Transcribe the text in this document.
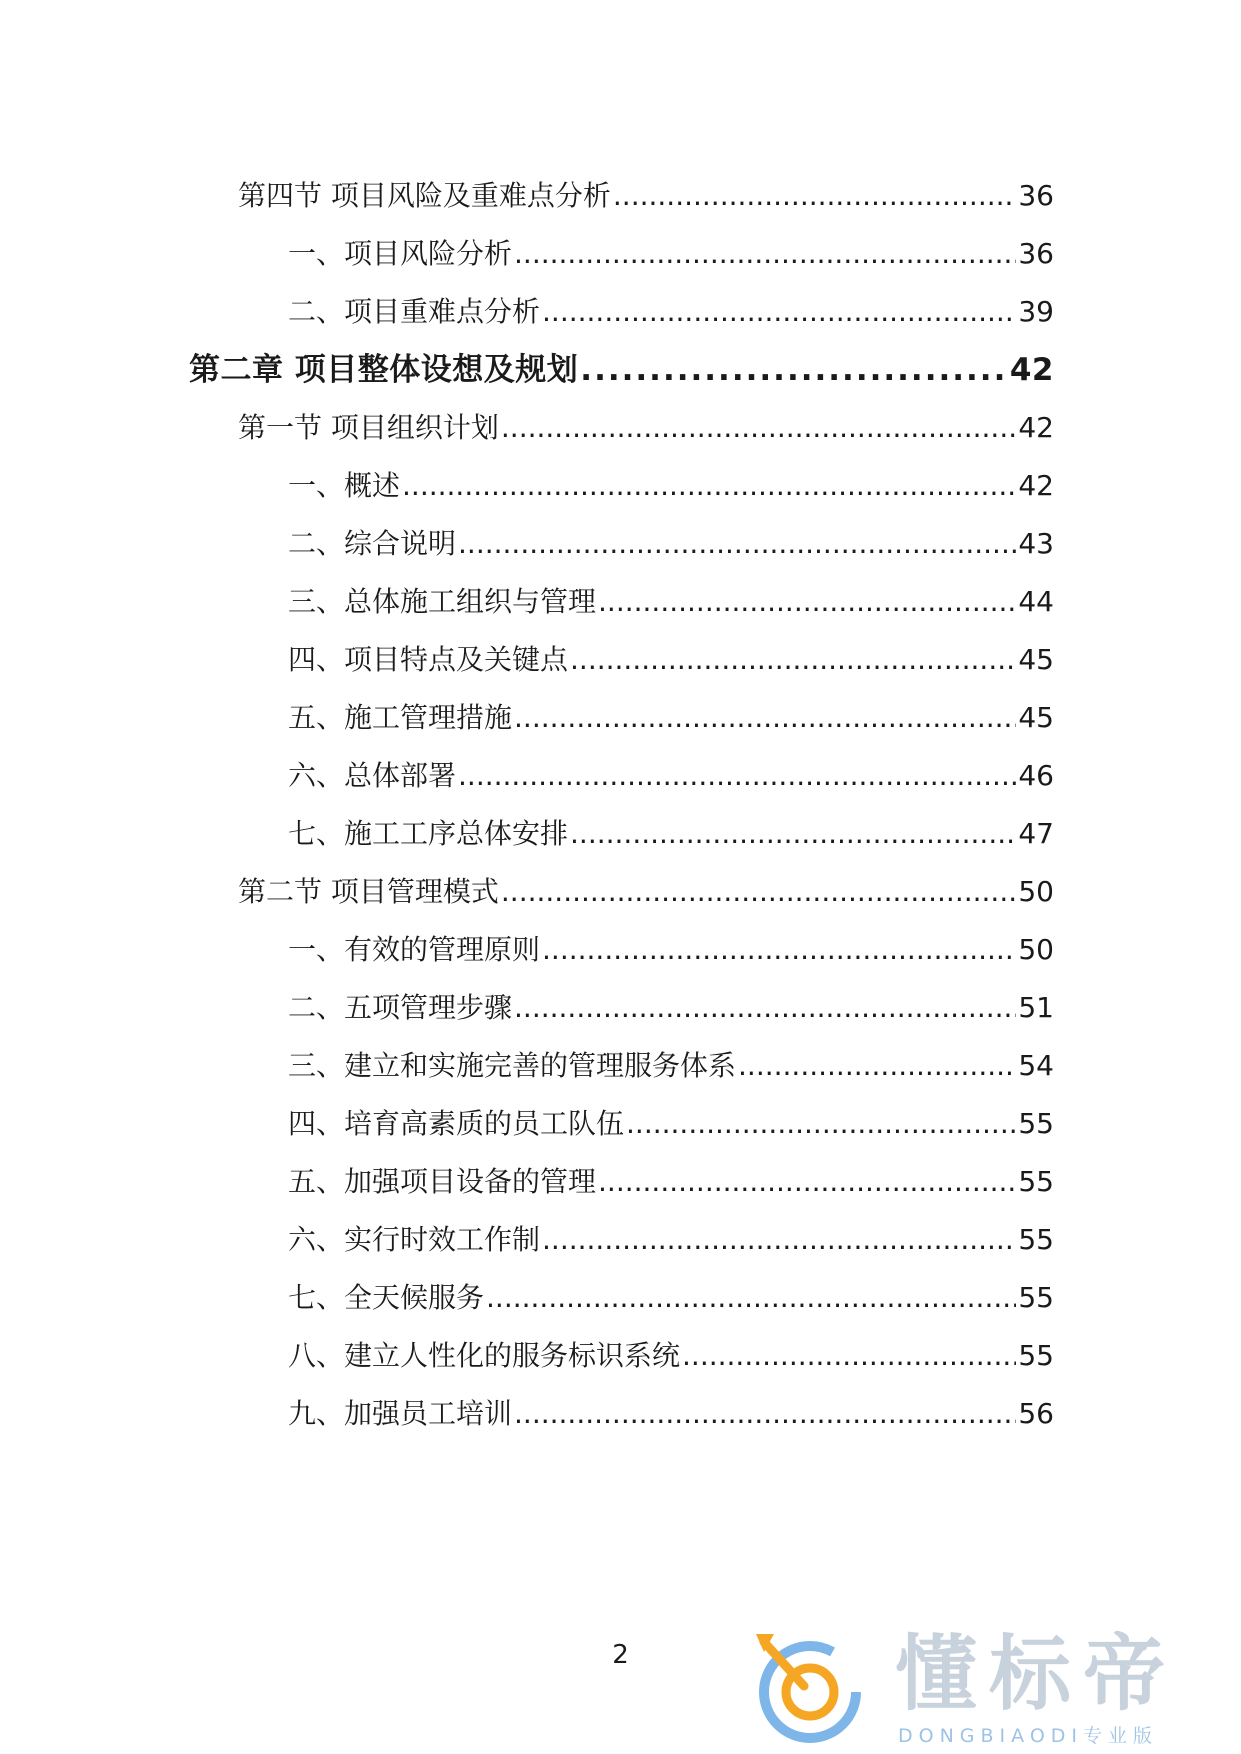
第四节 项目风险及重难点分析 .....	36
一、项目风险分析 .....	36
二、项目重难点分析 .....	39
第二章 项目整体设想及规划 .....	42
第一节 项目组织计划 .....	42
一、概述 .....	42
二、综合说明 .....	43
三、总体施工组织与管理 .....	44
四、项目特点及关键点 .....	45
五、施工管理措施 .....	45
六、总体部署 .....	46
七、施工工序总体安排 .....	47
第二节 项目管理模式 .....	50
一、有效的管理原则 .....	50
二、五项管理步骤 .....	51
三、建立和实施完善的管理服务体系 .....	54
四、培育高素质的员工队伍 .....	55
五、加强项目设备的管理 .....	55
六、实行时效工作制 .....	55
七、全天候服务 .....	55
八、建立人性化的服务标识系统 .....	55
九、加强员工培训 .....	56
2	懂标帝
DONGBIAODI专业版
